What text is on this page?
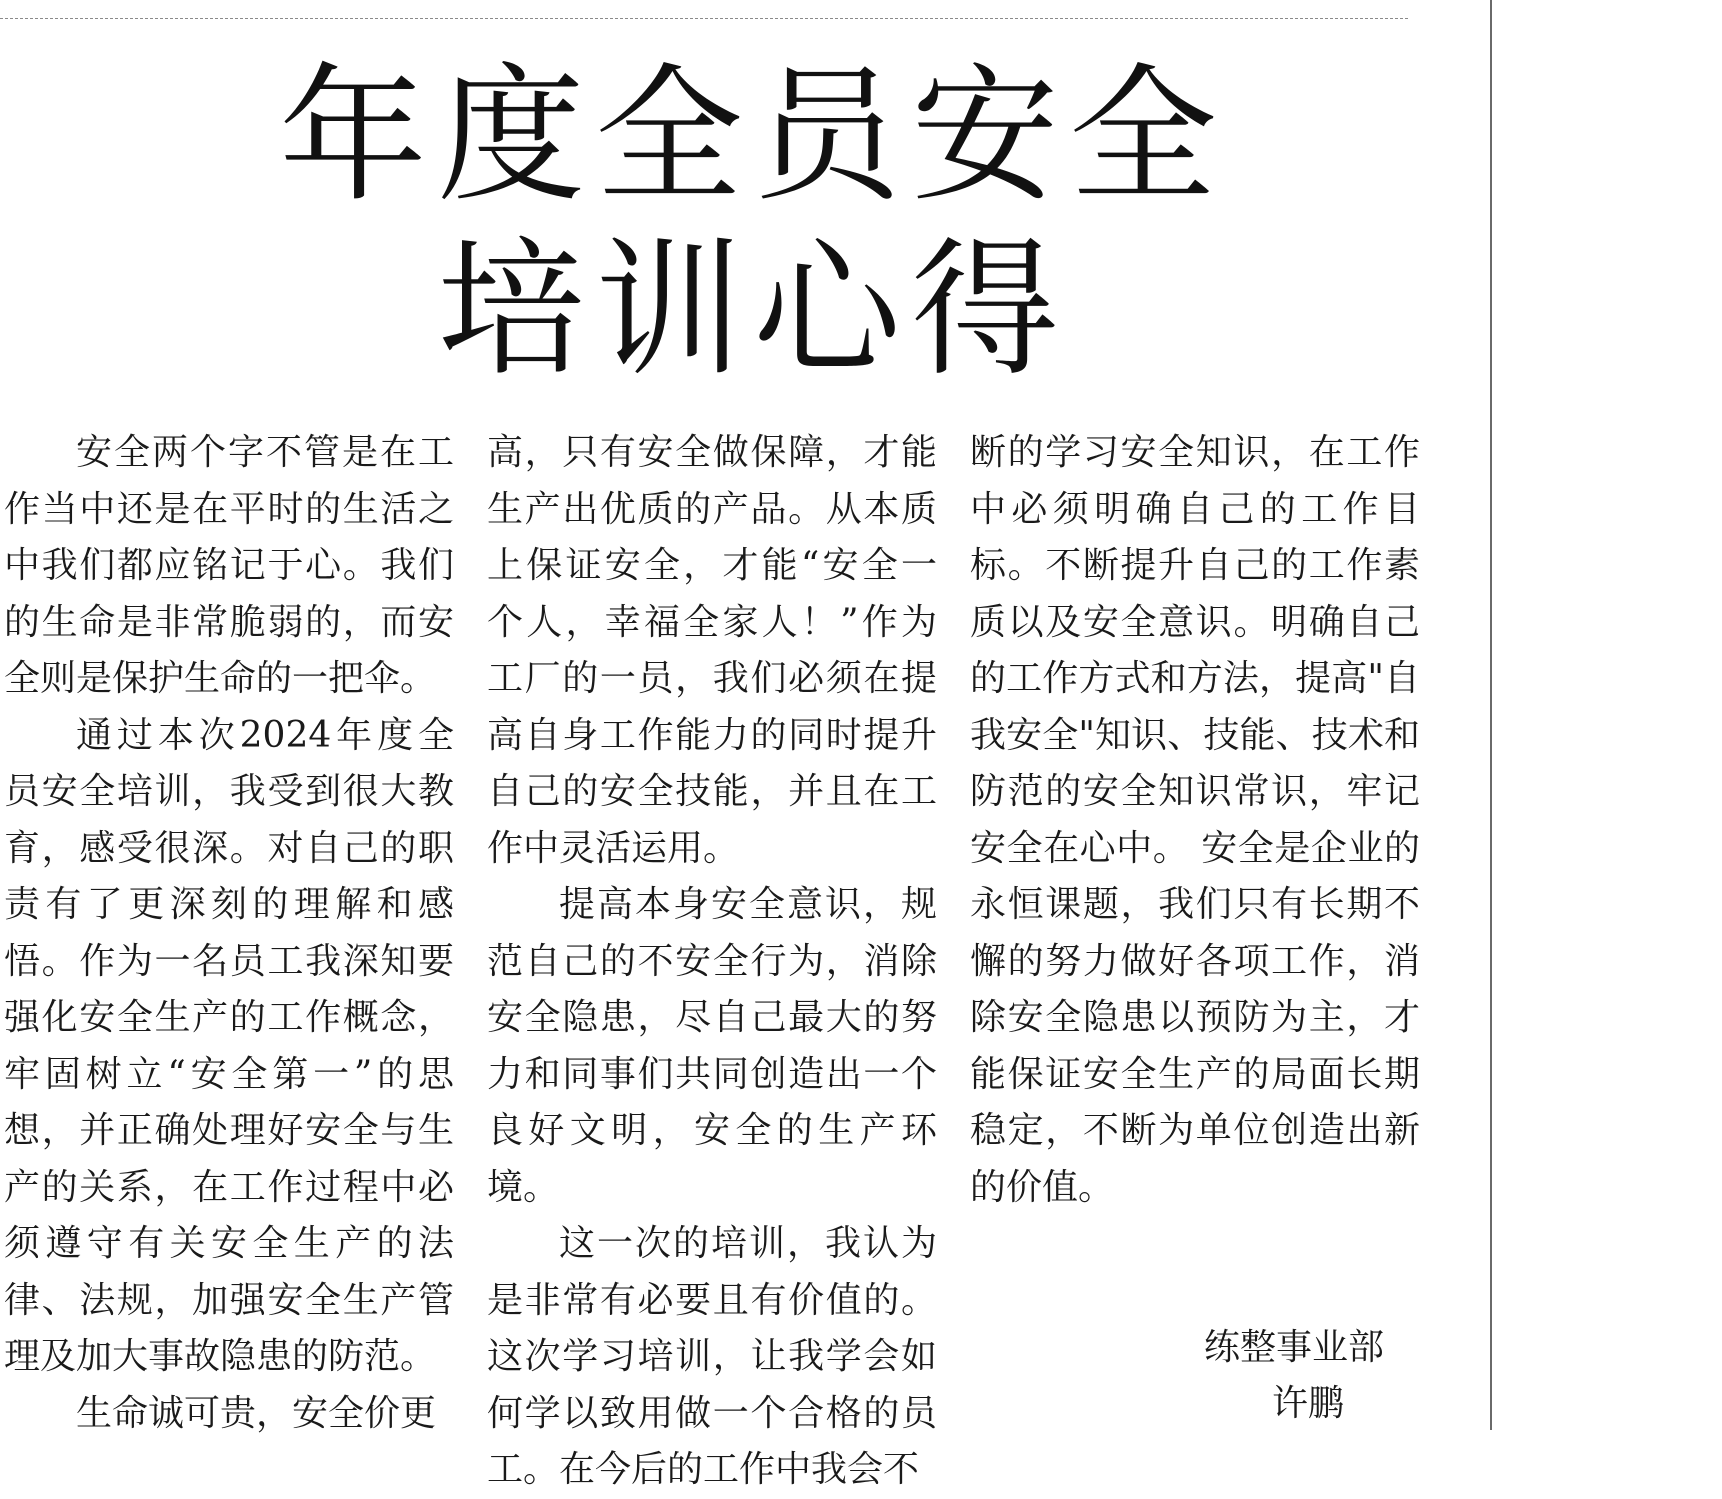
年度全员安全
培训心得

安全两个字不管是在工作当中还是在平时的生活之中我们都应铭记于心。我们的生命是非常脆弱的，而安全则是保护生命的一把伞。

通过本次2024年度全员安全培训，我受到很大教育，感受很深。对自己的职责有了更深刻的理解和感悟。作为一名员工我深知要强化安全生产的工作概念，牢固树立“安全第一”的思想，并正确处理好安全与生产的关系，在工作过程中必须遵守有关安全生产的法律、法规，加强安全生产管理及加大事故隐患的防范。

生命诚可贵，安全价更

高，只有安全做保障，才能生产出优质的产品。从本质上保证安全，才能“安全一个人，幸福全家人！”作为工厂的一员，我们必须在提高自身工作能力的同时提升自己的安全技能，并且在工作中灵活运用。

提高本身安全意识，规范自己的不安全行为，消除安全隐患，尽自己最大的努力和同事们共同创造出一个良好文明，安全的生产环境。

这一次的培训，我认为是非常有必要且有价值的。这次学习培训，让我学会如何学以致用做一个合格的员工。在今后的工作中我会不

断的学习安全知识，在工作中必须明确自己的工作目标。不断提升自己的工作素质以及安全意识。明确自己的工作方式和方法，提高"自我安全"知识、技能、技术和防范的安全知识常识，牢记安全在心中。 安全是企业的永恒课题，我们只有长期不懈的努力做好各项工作，消除安全隐患以预防为主，才能保证安全生产的局面长期稳定，不断为单位创造出新的价值。

练整事业部
许鹏
